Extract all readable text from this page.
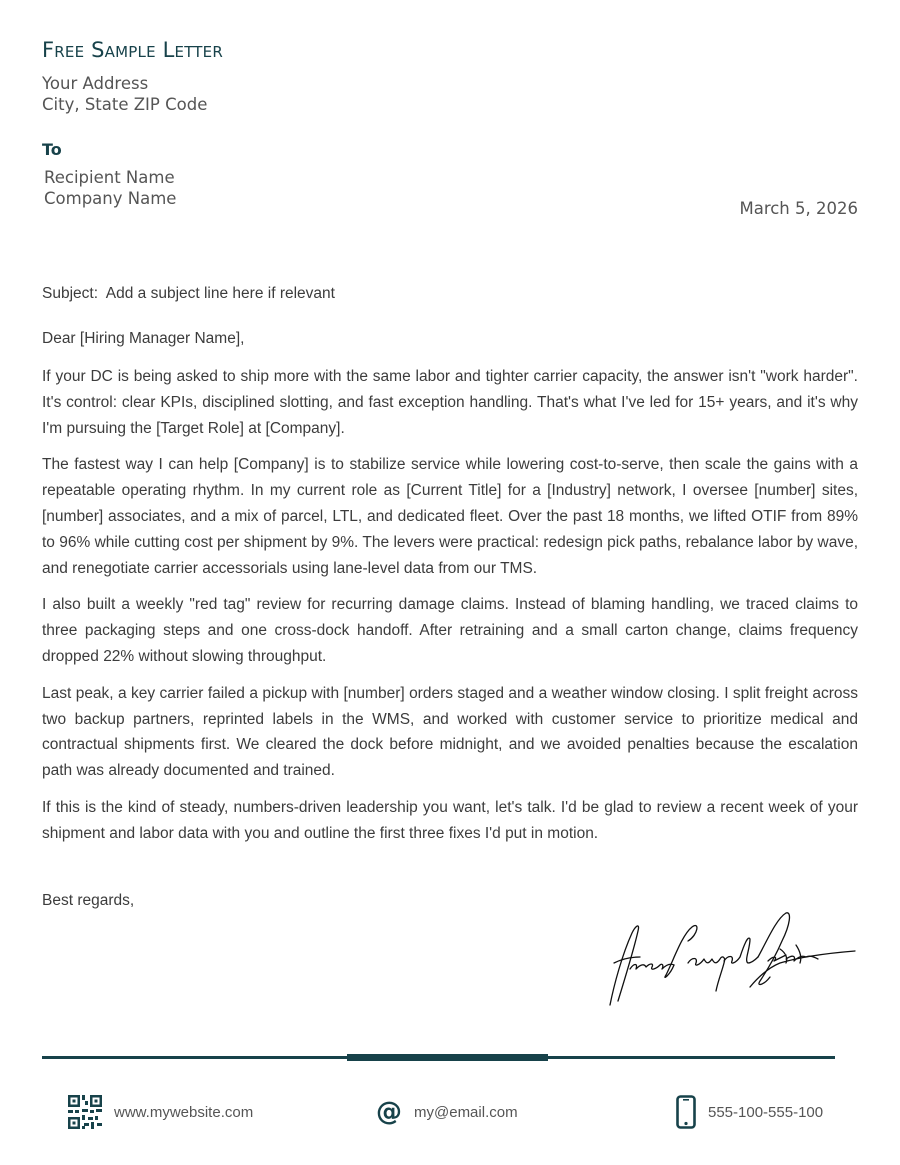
Free Sample Letter
Your Address
City, State ZIP Code
To
Recipient Name
Company Name
March 5, 2026
Subject:  Add a subject line here if relevant
Dear [Hiring Manager Name],

If your DC is being asked to ship more with the same labor and tighter carrier capacity, the answer isn't "work harder". It's control: clear KPIs, disciplined slotting, and fast exception handling. That's what I've led for 15+ years, and it's why I'm pursuing the [Target Role] at [Company].

The fastest way I can help [Company] is to stabilize service while lowering cost-to-serve, then scale the gains with a repeatable operating rhythm. In my current role as [Current Title] for a [Industry] network, I oversee [number] sites, [number] associates, and a mix of parcel, LTL, and dedicated fleet. Over the past 18 months, we lifted OTIF from 89% to 96% while cutting cost per shipment by 9%. The levers were practical: redesign pick paths, rebalance labor by wave, and renegotiate carrier accessorials using lane-level data from our TMS.

I also built a weekly "red tag" review for recurring damage claims. Instead of blaming handling, we traced claims to three packaging steps and one cross-dock handoff. After retraining and a small carton change, claims frequency dropped 22% without slowing throughput.

Last peak, a key carrier failed a pickup with [number] orders staged and a weather window closing. I split freight across two backup partners, reprinted labels in the WMS, and worked with customer service to prioritize medical and contractual shipments first. We cleared the dock before midnight, and we avoided penalties because the escalation path was already documented and trained.

If this is the kind of steady, numbers-driven leadership you want, let's talk. I'd be glad to review a recent week of your shipment and labor data with you and outline the first three fixes I'd put in motion.

Best regards,
www.mywebsite.com	@ my@email.com	555-100-555-100
